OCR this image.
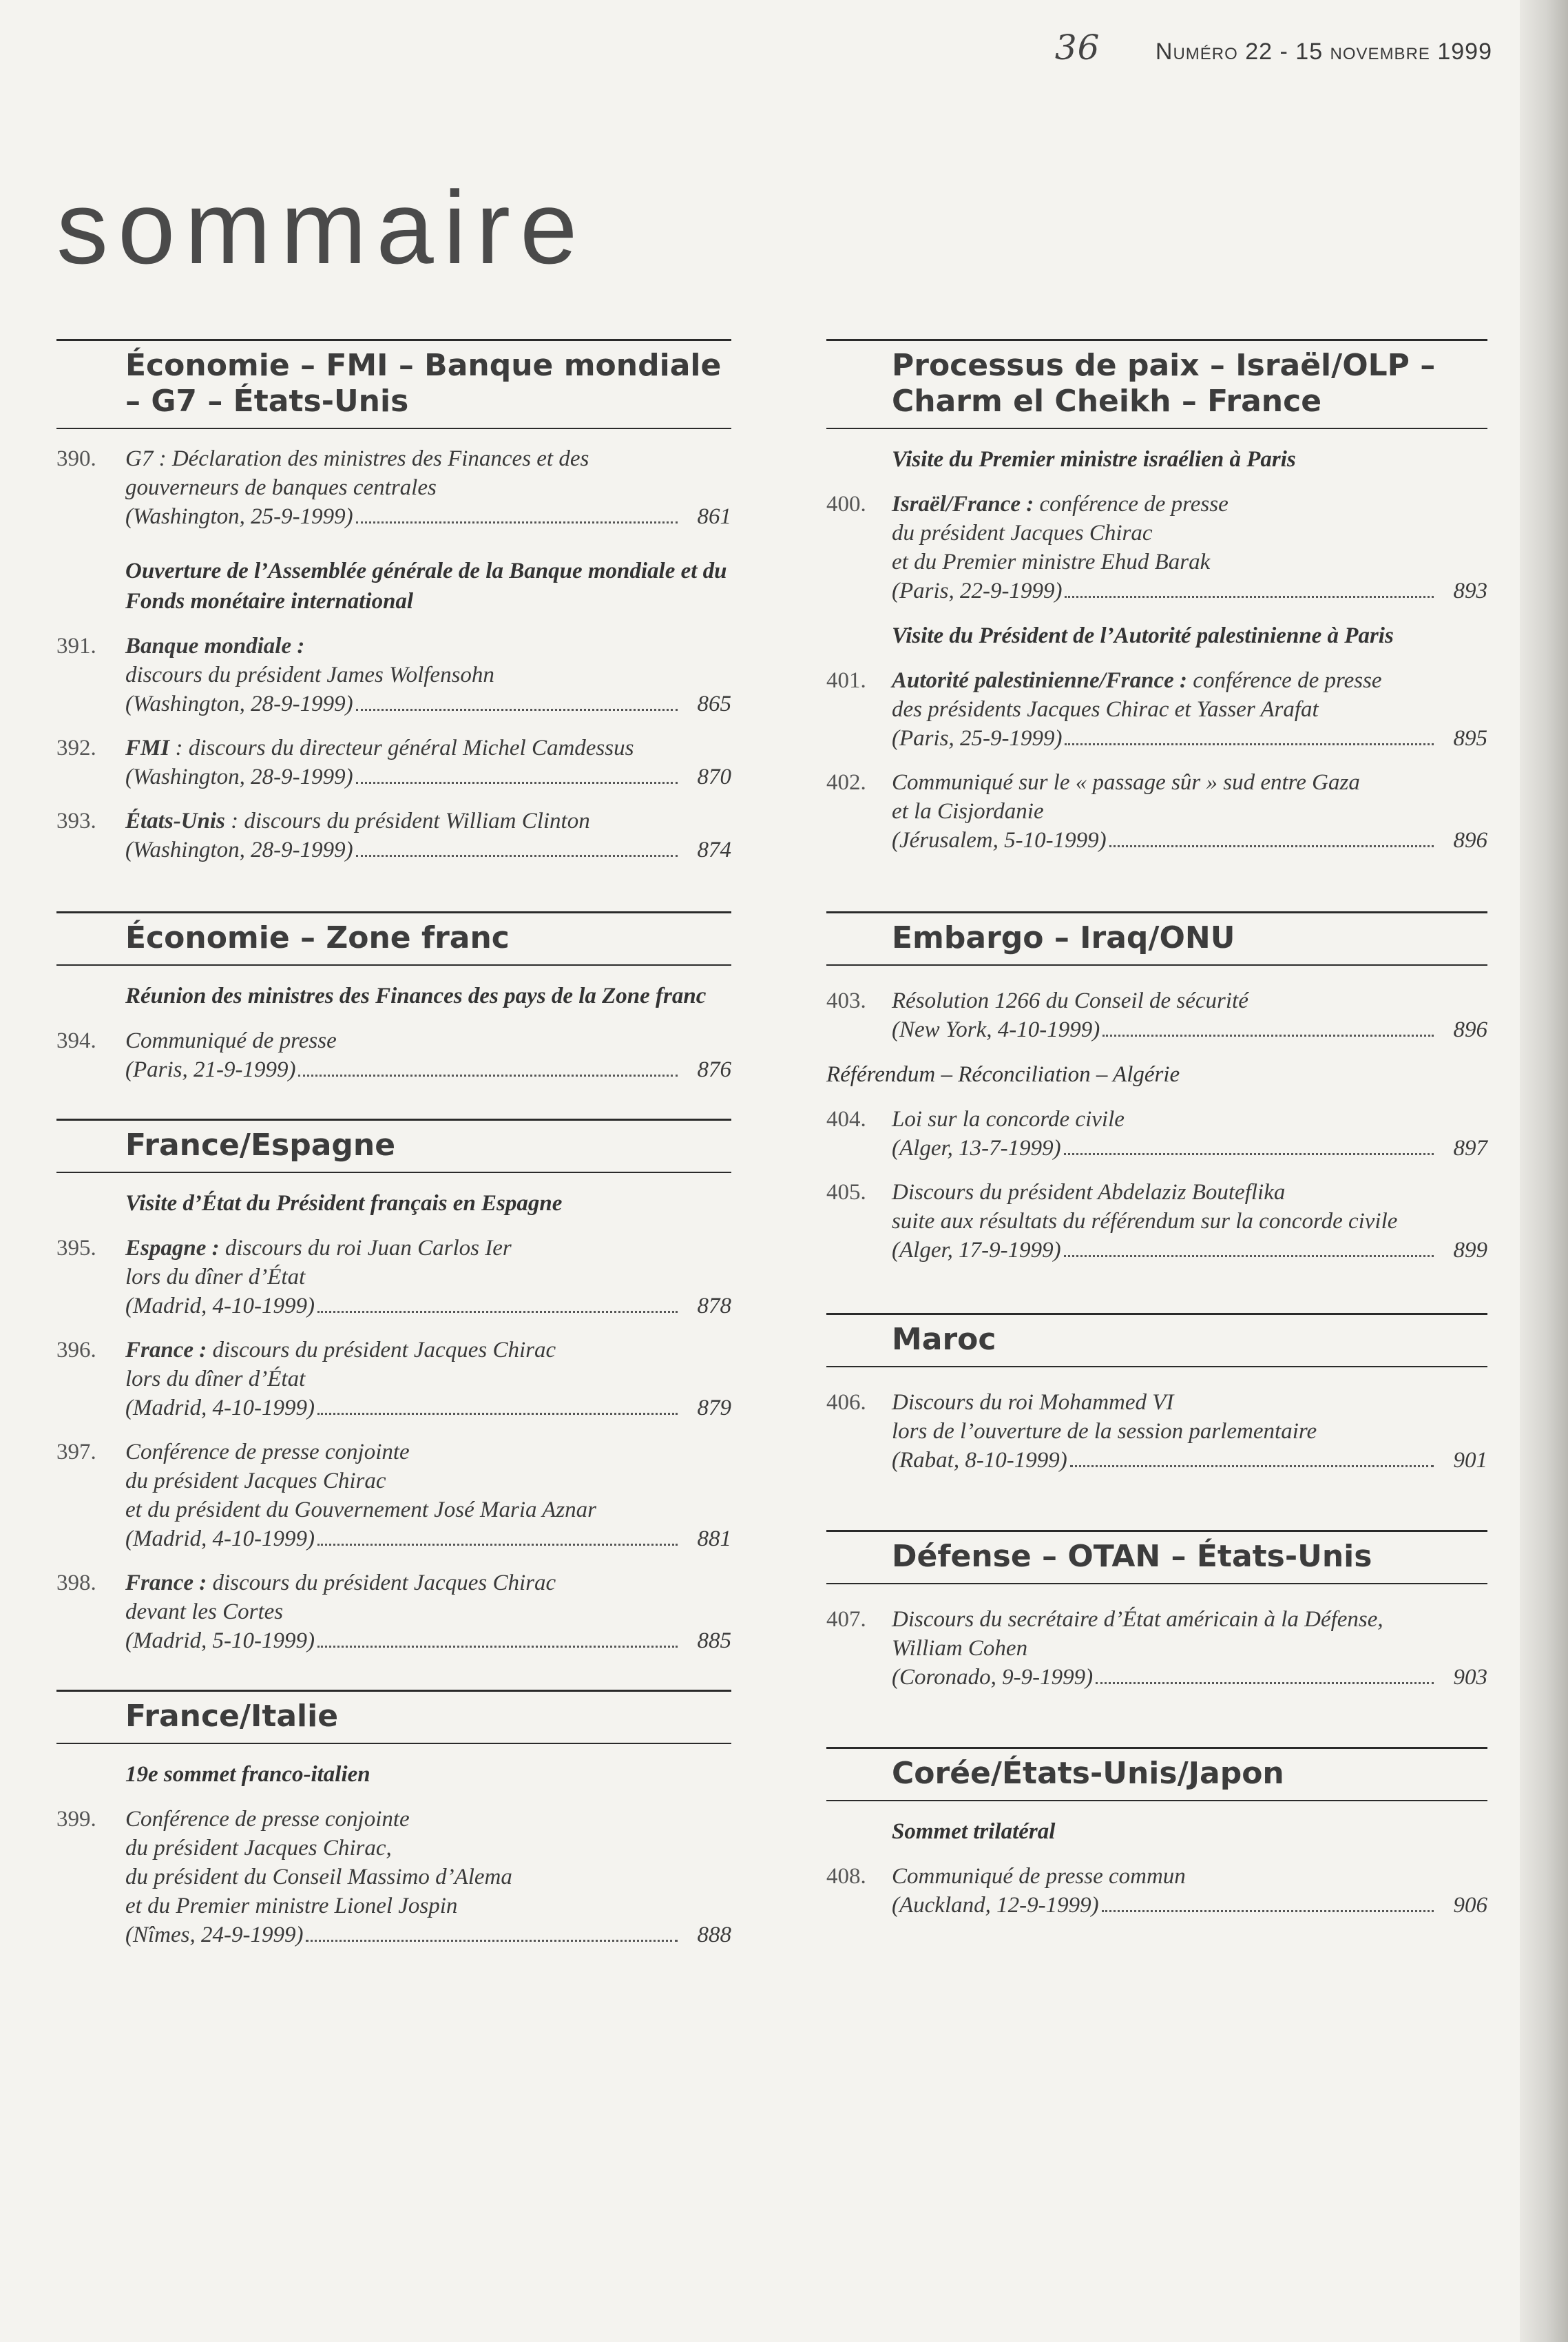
36 Numéro 22 - 15 novembre 1999
sommaire
Économie – FMI – Banque mondiale – G7 – États-Unis
390.	G7 : Déclaration des ministres des Finances et des
gouverneurs de banques centrales
(Washington, 25-9-1999)	861
Ouverture de l’Assemblée générale de la Banque mondiale et du Fonds monétaire international
391.	Banque mondiale :
discours du président James Wolfensohn
(Washington, 28-9-1999)	865
392.	FMI : discours du directeur général Michel Camdessus
(Washington, 28-9-1999)	870
393.	États-Unis : discours du président William Clinton
(Washington, 28-9-1999)	874
Économie – Zone franc
Réunion des ministres des Finances des pays de la Zone franc
394.	Communiqué de presse
(Paris, 21-9-1999)	876
France/Espagne
Visite d’État du Président français en Espagne
395.	Espagne : discours du roi Juan Carlos Ier
lors du dîner d’État
(Madrid, 4-10-1999)	878
396.	France : discours du président Jacques Chirac
lors du dîner d’État
(Madrid, 4-10-1999)	879
397.	Conférence de presse conjointe
du président Jacques Chirac
et du président du Gouvernement José Maria Aznar
(Madrid, 4-10-1999)	881
398.	France : discours du président Jacques Chirac
devant les Cortes
(Madrid, 5-10-1999)	885
France/Italie
19e sommet franco-italien
399.	Conférence de presse conjointe
du président Jacques Chirac,
du président du Conseil Massimo d’Alema
et du Premier ministre Lionel Jospin
(Nîmes, 24-9-1999)	888
Processus de paix – Israël/OLP – Charm el Cheikh – France
Visite du Premier ministre israélien à Paris
400.	Israël/France : conférence de presse
du président Jacques Chirac
et du Premier ministre Ehud Barak
(Paris, 22-9-1999)	893
Visite du Président de l’Autorité palestinienne à Paris
401.	Autorité palestinienne/France : conférence de presse
des présidents Jacques Chirac et Yasser Arafat
(Paris, 25-9-1999)	895
402.	Communiqué sur le « passage sûr » sud entre Gaza
et la Cisjordanie
(Jérusalem, 5-10-1999)	896
Embargo – Iraq/ONU
403.	Résolution 1266 du Conseil de sécurité
(New York, 4-10-1999)	896
Référendum – Réconciliation – Algérie
404.	Loi sur la concorde civile
(Alger, 13-7-1999)	897
405.	Discours du président Abdelaziz Bouteflika
suite aux résultats du référendum sur la concorde civile
(Alger, 17-9-1999)	899
Maroc
406.	Discours du roi Mohammed VI
lors de l’ouverture de la session parlementaire
(Rabat, 8-10-1999)	901
Défense – OTAN – États-Unis
407.	Discours du secrétaire d’État américain à la Défense,
William Cohen
(Coronado, 9-9-1999)	903
Corée/États-Unis/Japon
Sommet trilatéral
408.	Communiqué de presse commun
(Auckland, 12-9-1999)	906
